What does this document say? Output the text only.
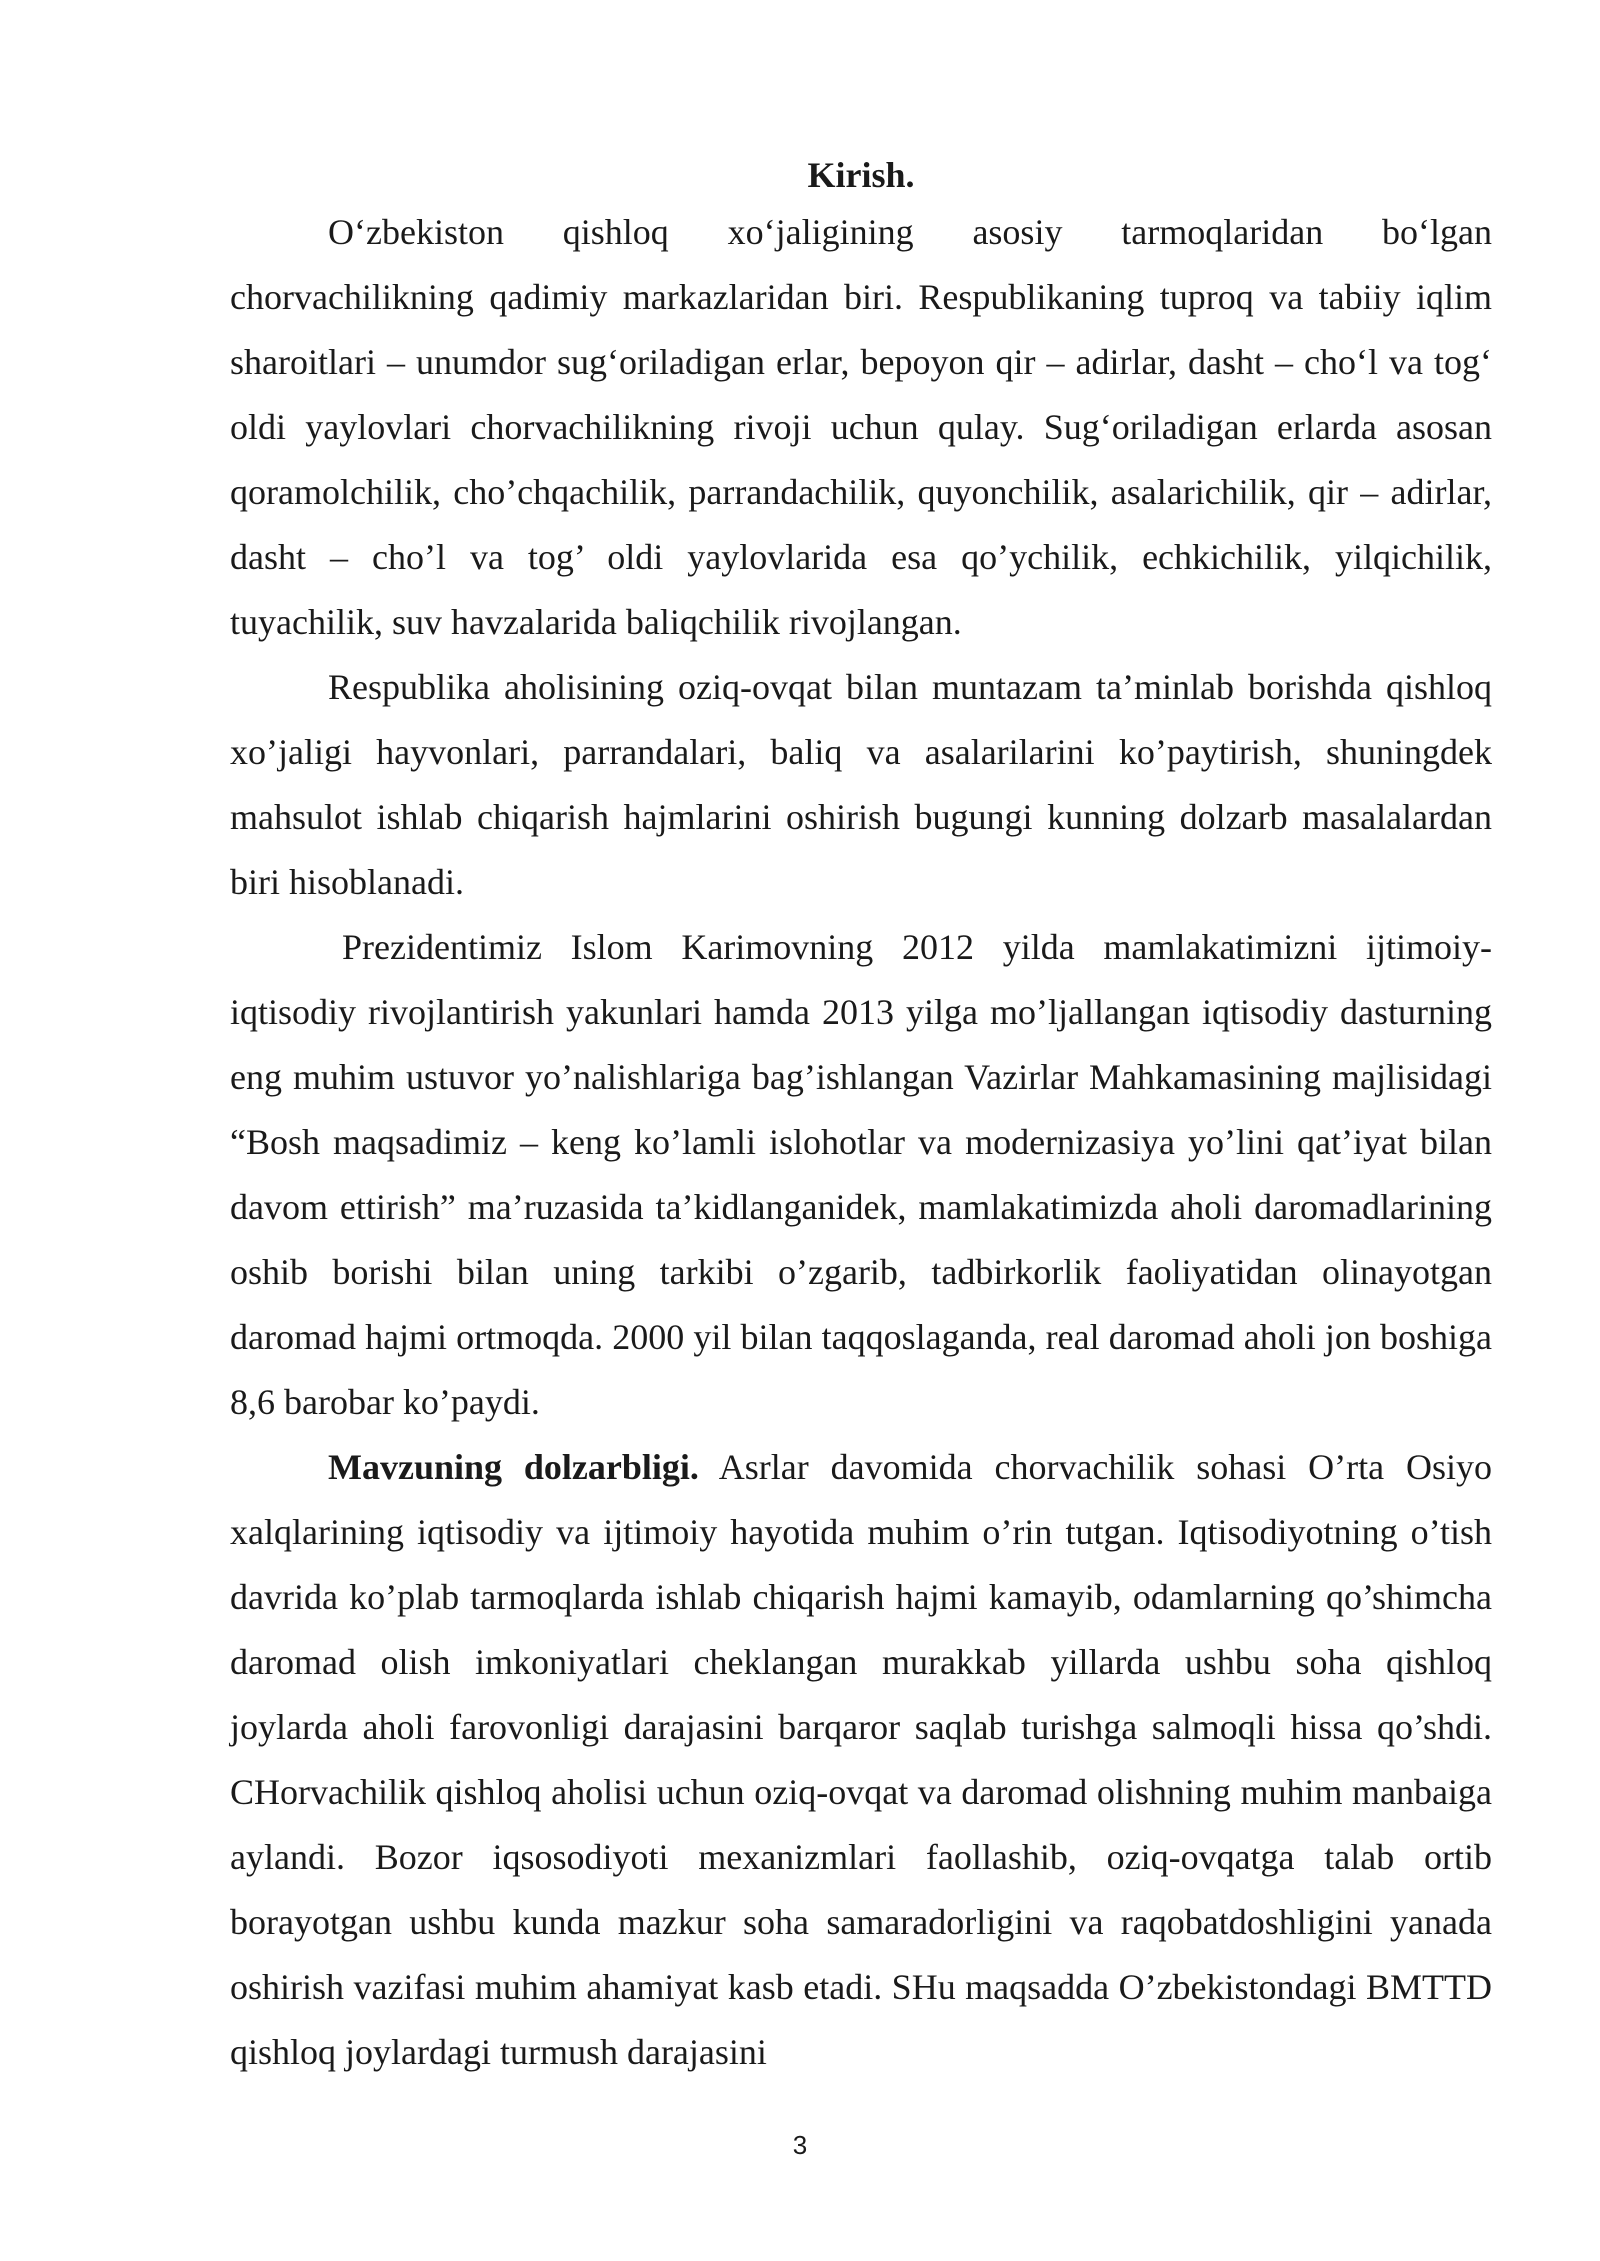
Kirish.

O‘zbekiston qishloq xo‘jaligining asosiy tarmoqlaridan bo‘lgan chorvachilikning qadimiy markazlaridan biri. Respublikaning tuproq va tabiiy iqlim sharoitlari – unumdor sug‘oriladigan erlar, bepoyon qir – adirlar, dasht – cho‘l va tog‘ oldi yaylovlari chorvachilikning rivoji uchun qulay. Sug‘oriladigan erlarda asosan qoramolchilik, cho’chqachilik, parrandachilik, quyonchilik, asalarichilik, qir – adirlar, dasht – cho’l va tog’ oldi yaylovlarida esa qo’ychilik, echkichilik, yilqichilik, tuyachilik, suv havzalarida baliqchilik rivojlangan.

Respublika aholisining oziq-ovqat bilan muntazam ta’minlab borishda qishloq xo’jaligi hayvonlari, parrandalari, baliq va asalarilarini ko’paytirish, shuningdek mahsulot ishlab chiqarish hajmlarini oshirish bugungi kunning dolzarb masalalardan biri hisoblanadi.

Prezidentimiz Islom Karimovning 2012 yilda mamlakatimizni ijtimoiy-iqtisodiy rivojlantirish yakunlari hamda 2013 yilga mo’ljallangan iqtisodiy dasturning eng muhim ustuvor yo’nalishlariga bag’ishlangan Vazirlar Mahkamasining majlisidagi “Bosh maqsadimiz – keng ko’lamli islohotlar va modernizasiya yo’lini qat’iyat bilan davom ettirish” ma’ruzasida ta’kidlanganidek, mamlakatimizda aholi daromadlarining oshib borishi bilan uning tarkibi o’zgarib, tadbirkorlik faoliyatidan olinayotgan daromad hajmi ortmoqda. 2000 yil bilan taqqoslaganda, real daromad aholi jon boshiga 8,6 barobar ko’paydi.

Mavzuning dolzarbligi. Asrlar davomida chorvachilik sohasi O’rta Osiyo xalqlarining iqtisodiy va ijtimoiy hayotida muhim o’rin tutgan. Iqtisodiyotning o’tish davrida ko’plab tarmoqlarda ishlab chiqarish hajmi kamayib, odamlarning qo’shimcha daromad olish imkoniyatlari cheklangan murakkab yillarda ushbu soha qishloq joylarda aholi farovonligi darajasini barqaror saqlab turishga salmoqli hissa qo’shdi. CHorvachilik qishloq aholisi uchun oziq-ovqat va daromad olishning muhim manbaiga aylandi. Bozor iqsosodiyoti mexanizmlari faollashib, oziq-ovqatga talab ortib borayotgan ushbu kunda mazkur soha samaradorligini va raqobatdoshligini yanada oshirish vazifasi muhim ahamiyat kasb etadi. SHu maqsadda O’zbekistondagi BMTTD qishloq joylardagi turmush darajasini

3
